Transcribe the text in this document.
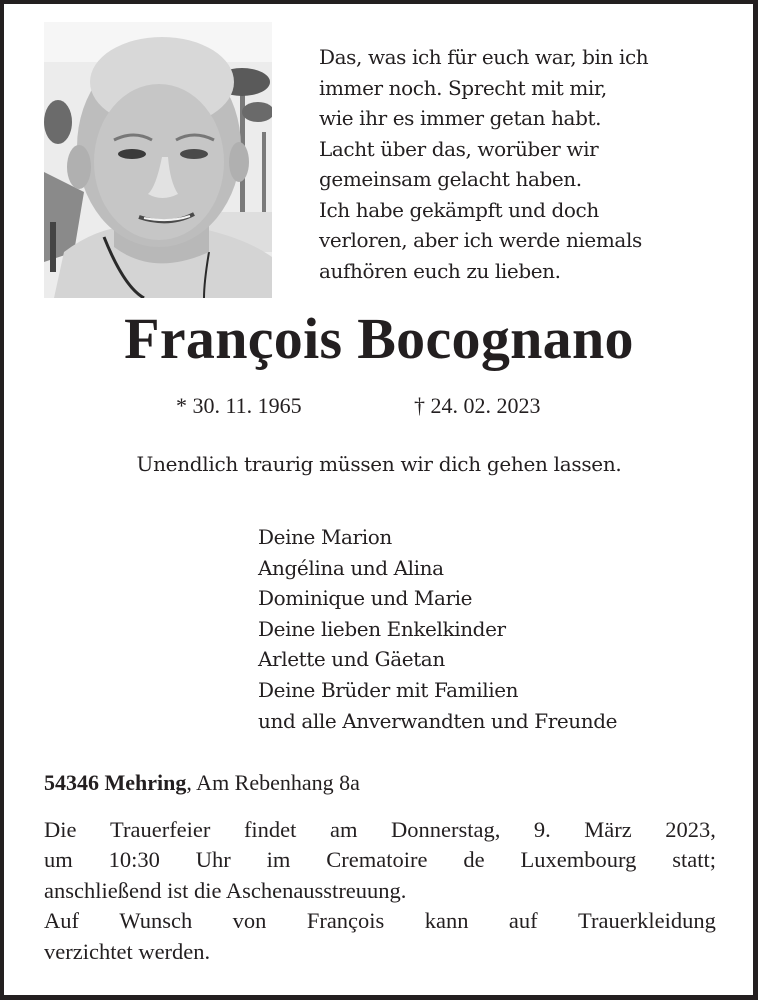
Das, was ich für euch war, bin ich
immer noch. Sprecht mit mir,
wie ihr es immer getan habt.
Lacht über das, worüber wir
gemeinsam gelacht haben.
Ich habe gekämpft und doch
verloren, aber ich werde niemals
aufhören euch zu lieben.
François Bocognano
* 30. 11. 1965	† 24. 02. 2023
Unendlich traurig müssen wir dich gehen lassen.
Deine Marion
Angélina und Alina
Dominique und Marie
Deine lieben Enkelkinder
Arlette und Gäetan
Deine Brüder mit Familien
und alle Anverwandten und Freunde
54346 Mehring, Am Rebenhang 8a
Die Trauerfeier findet am Donnerstag, 9. März 2023,
um 10:30 Uhr im Crematoire de Luxembourg statt;
anschließend ist die Aschenausstreuung.
Auf Wunsch von François kann auf Trauerkleidung
verzichtet werden.
